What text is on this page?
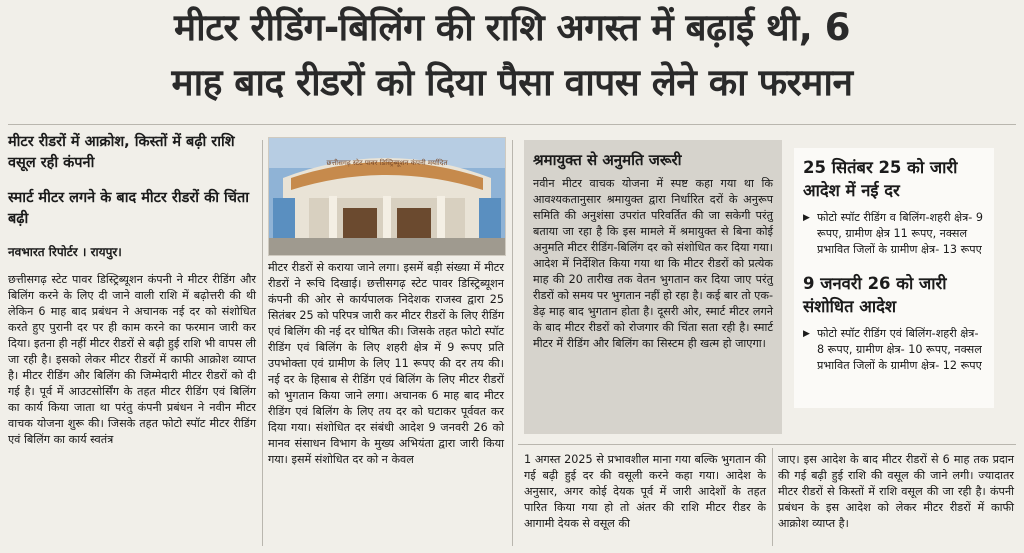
मीटर रीडिंग-बिलिंग की राशि अगस्त में बढ़ाई थी, 6
माह बाद रीडरों को दिया पैसा वापस लेने का फरमान
मीटर रीडरों में आक्रोश, किस्तों में बढ़ी राशि वसूल रही कंपनी
स्मार्ट मीटर लगने के बाद मीटर रीडरों की चिंता बढ़ी
नवभारत रिपोर्टर । रायपुर।

छत्तीसगढ़ स्टेट पावर डिस्ट्रिब्यूशन कंपनी ने मीटर रीडिंग और बिलिंग करने के लिए दी जाने वाली राशि में बढ़ोत्तरी की थी लेकिन 6 माह बाद प्रबंधन ने अचानक नई दर को संशोधित करते हुए पुरानी दर पर ही काम करने का फरमान जारी कर दिया। इतना ही नहीं मीटर रीडरों से बढ़ी हुई राशि भी वापस ली जा रही है। इसको लेकर मीटर रीडरों में काफी आक्रोश व्याप्त है। मीटर रीडिंग और बिलिंग की जिम्मेदारी मीटर रीडरों को दी गई है। पूर्व में आउटसोर्सिंग के तहत मीटर रीडिंग एवं बिलिंग का कार्य किया जाता था परंतु कंपनी प्रबंधन ने नवीन मीटर वाचक योजना शुरू की। जिसके तहत फोटो स्पॉट मीटर रीडिंग एवं बिलिंग का कार्य स्वतंत्र

छत्तीसगढ़ स्टेट पावर डिस्ट्रिब्यूशन कंपनी मर्यादित

मीटर रीडरों से कराया जाने लगा। इसमें बड़ी संख्या में मीटर रीडरों ने रूचि दिखाई। छत्तीसगढ़ स्टेट पावर डिस्ट्रिब्यूशन कंपनी की ओर से कार्यपालक निदेशक राजस्व द्वारा 25 सितंबर 25 को परिपत्र जारी कर मीटर रीडरों के लिए रीडिंग एवं बिलिंग की नई दर घोषित की। जिसके तहत फोटो स्पॉट रीडिंग एवं बिलिंग के लिए शहरी क्षेत्र में 9 रूपए प्रति उपभोक्ता एवं ग्रामीण के लिए 11 रूपए की दर तय की। नई दर के हिसाब से रीडिंग एवं बिलिंग के लिए मीटर रीडरों को भुगतान किया जाने लगा। अचानक 6 माह बाद मीटर रीडिंग एवं बिलिंग के लिए तय दर को घटाकर पूर्ववत कर दिया गया। संशोधित दर संबंधी आदेश 9 जनवरी 26 को मानव संसाधन विभाग के मुख्य अभियंता द्वारा जारी किया गया। इसमें संशोधित दर को न केवल

श्रमायुक्त से अनुमति जरूरी

नवीन मीटर वाचक योजना में स्पष्ट कहा गया था कि आवश्यकतानुसार श्रमायुक्त द्वारा निर्धारित दरों के अनुरूप समिति की अनुशंसा उपरांत परिवर्तित की जा सकेगी परंतु बताया जा रहा है कि इस मामले में श्रमायुक्त से बिना कोई अनुमति मीटर रीडिंग-बिलिंग दर को संशोधित कर दिया गया। आदेश में निर्देशित किया गया था कि मीटर रीडरों को प्रत्येक माह की 20 तारीख तक वेतन भुगतान कर दिया जाए परंतु रीडरों को समय पर भुगतान नहीं हो रहा है। कई बार तो एक-डेढ़ माह बाद भुगतान होता है। दूसरी ओर, स्मार्ट मीटर लगने के बाद मीटर रीडरों को रोजगार की चिंता सता रही है। स्मार्ट मीटर में रीडिंग और बिलिंग का सिस्टम ही खत्म हो जाएगा।

25 सितंबर 25 को जारी आदेश में नई दर
▶ फोटो स्पॉट रीडिंग व बिलिंग-शहरी क्षेत्र- 9 रूपए, ग्रामीण क्षेत्र 11 रूपए, नक्सल प्रभावित जिलों के ग्रामीण क्षेत्र- 13 रूपए
9 जनवरी 26 को जारी संशोधित आदेश
▶ फोटो स्पॉट रीडिंग एवं बिलिंग-शहरी क्षेत्र- 8 रूपए, ग्रामीण क्षेत्र- 10 रूपए, नक्सल प्रभावित जिलों के ग्रामीण क्षेत्र- 12 रूपए

1 अगस्त 2025 से प्रभावशील माना गया बल्कि भुगतान की गई बढ़ी हुई दर की वसूली करने कहा गया। आदेश के अनुसार, अगर कोई देयक पूर्व में जारी आदेशों के तहत पारित किया गया हो तो अंतर की राशि मीटर रीडर के आगामी देयक से वसूल की

जाए। इस आदेश के बाद मीटर रीडरों से 6 माह तक प्रदान की गई बढ़ी हुई राशि की वसूल की जाने लगी। ज्यादातर मीटर रीडरों से किस्तों में राशि वसूल की जा रही है। कंपनी प्रबंधन के इस आदेश को लेकर मीटर रीडरों में काफी आक्रोश व्याप्त है।
